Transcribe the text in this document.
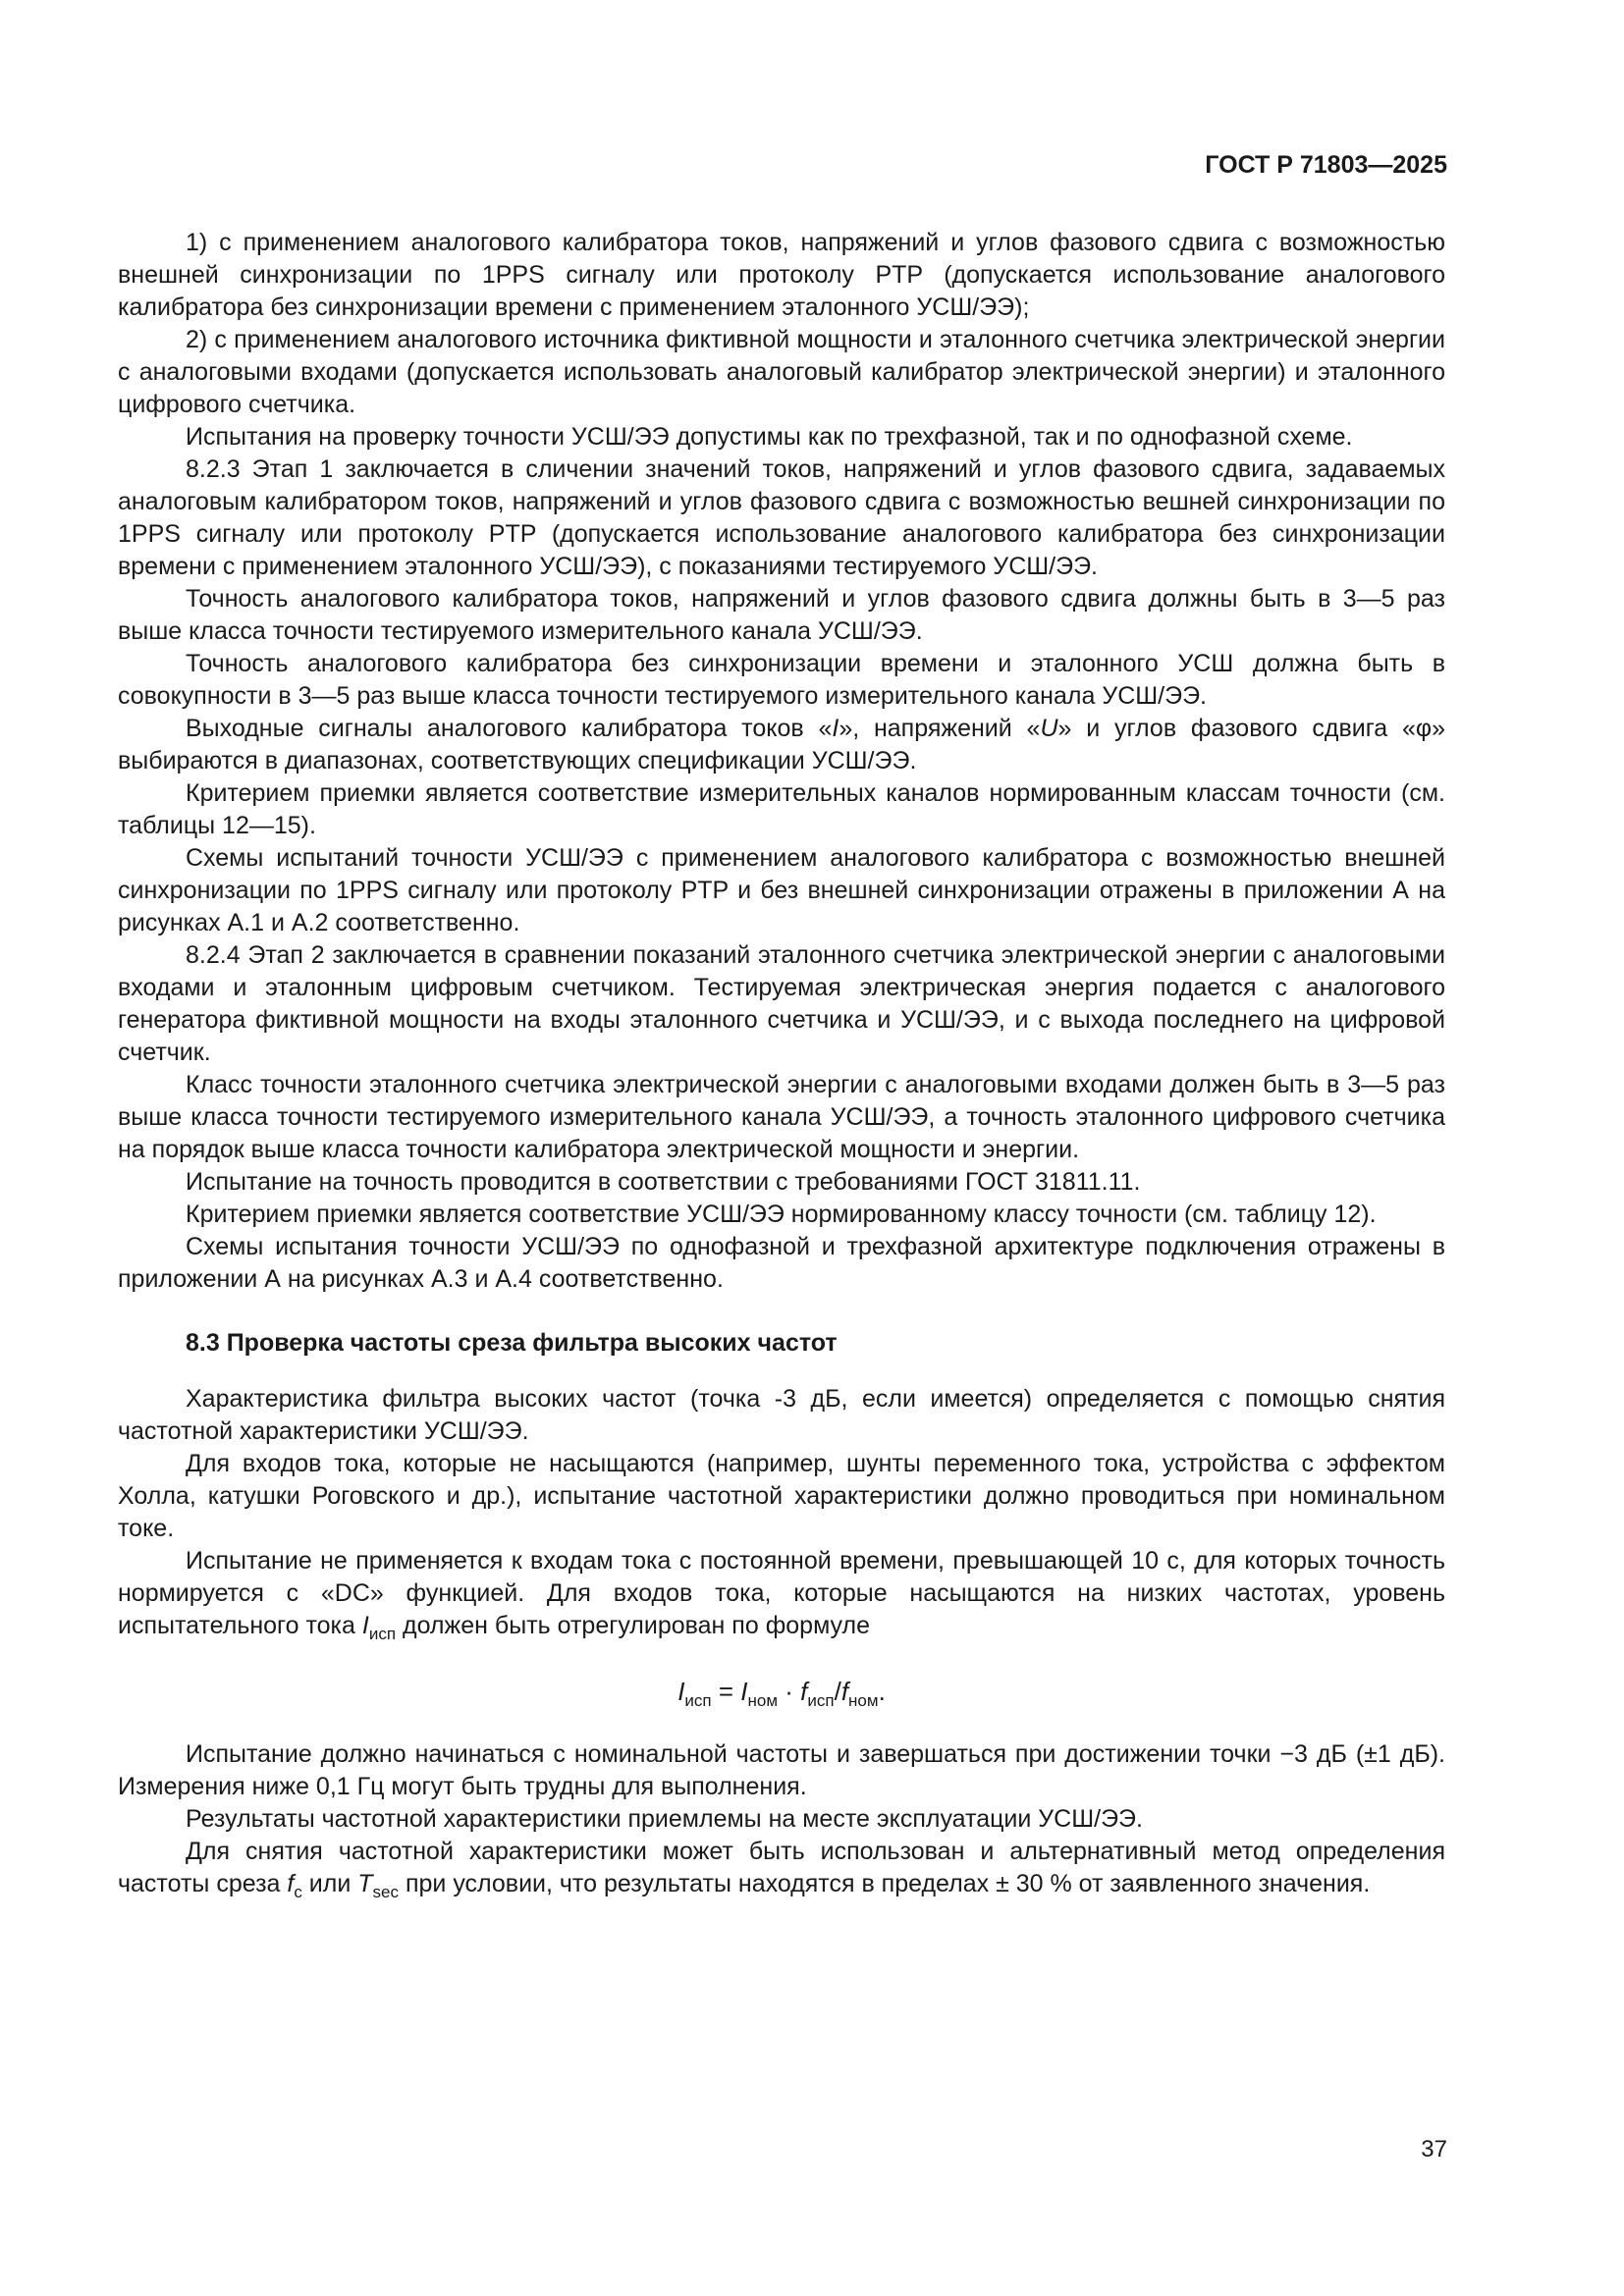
ГОСТ Р 71803—2025

1) с применением аналогового калибратора токов, напряжений и углов фазового сдвига с возможностью внешней синхронизации по 1PPS сигналу или протоколу PTP (допускается использование аналогового калибратора без синхронизации времени с применением эталонного УСШ/ЭЭ);

2) с применением аналогового источника фиктивной мощности и эталонного счетчика электрической энергии с аналоговыми входами (допускается использовать аналоговый калибратор электрической энергии) и эталонного цифрового счетчика.

Испытания на проверку точности УСШ/ЭЭ допустимы как по трехфазной, так и по однофазной схеме.

8.2.3 Этап 1 заключается в сличении значений токов, напряжений и углов фазового сдвига, задаваемых аналоговым калибратором токов, напряжений и углов фазового сдвига с возможностью вешней синхронизации по 1PPS сигналу или протоколу PTP (допускается использование аналогового калибратора без синхронизации времени с применением эталонного УСШ/ЭЭ), с показаниями тестируемого УСШ/ЭЭ.

Точность аналогового калибратора токов, напряжений и углов фазового сдвига должны быть в 3—5 раз выше класса точности тестируемого измерительного канала УСШ/ЭЭ.

Точность аналогового калибратора без синхронизации времени и эталонного УСШ должна быть в совокупности в 3—5 раз выше класса точности тестируемого измерительного канала УСШ/ЭЭ.

Выходные сигналы аналогового калибратора токов «I», напряжений «U» и углов фазового сдвига «φ» выбираются в диапазонах, соответствующих спецификации УСШ/ЭЭ.

Критерием приемки является соответствие измерительных каналов нормированным классам точности (см. таблицы 12—15).

Схемы испытаний точности УСШ/ЭЭ с применением аналогового калибратора с возможностью внешней синхронизации по 1PPS сигналу или протоколу PTP и без внешней синхронизации отражены в приложении А на рисунках А.1 и А.2 соответственно.

8.2.4 Этап 2 заключается в сравнении показаний эталонного счетчика электрической энергии с аналоговыми входами и эталонным цифровым счетчиком. Тестируемая электрическая энергия подается с аналогового генератора фиктивной мощности на входы эталонного счетчика и УСШ/ЭЭ, и с выхода последнего на цифровой счетчик.

Класс точности эталонного счетчика электрической энергии с аналоговыми входами должен быть в 3—5 раз выше класса точности тестируемого измерительного канала УСШ/ЭЭ, а точность эталонного цифрового счетчика на порядок выше класса точности калибратора электрической мощности и энергии.

Испытание на точность проводится в соответствии с требованиями ГОСТ 31811.11.

Критерием приемки является соответствие УСШ/ЭЭ нормированному классу точности (см. таблицу 12).

Схемы испытания точности УСШ/ЭЭ по однофазной и трехфазной архитектуре подключения отражены в приложении А на рисунках А.3 и А.4 соответственно.

8.3 Проверка частоты среза фильтра высоких частот

Характеристика фильтра высоких частот (точка -3 дБ, если имеется) определяется с помощью снятия частотной характеристики УСШ/ЭЭ.

Для входов тока, которые не насыщаются (например, шунты переменного тока, устройства с эффектом Холла, катушки Роговского и др.), испытание частотной характеристики должно проводиться при номинальном токе.

Испытание не применяется к входам тока с постоянной времени, превышающей 10 с, для которых точность нормируется с «DC» функцией. Для входов тока, которые насыщаются на низких частотах, уровень испытательного тока $I_{исп}$ должен быть отрегулирован по формуле

$I_{исп} = I_{ном} \cdot f_{исп}/f_{ном}$.

Испытание должно начинаться с номинальной частоты и завершаться при достижении точки −3 дБ (±1 дБ). Измерения ниже 0,1 Гц могут быть трудны для выполнения.

Результаты частотной характеристики приемлемы на месте эксплуатации УСШ/ЭЭ.

Для снятия частотной характеристики может быть использован и альтернативный метод определения частоты среза $f_c$ или $T_{sec}$ при условии, что результаты находятся в пределах ± 30 % от заявленного значения.

37
